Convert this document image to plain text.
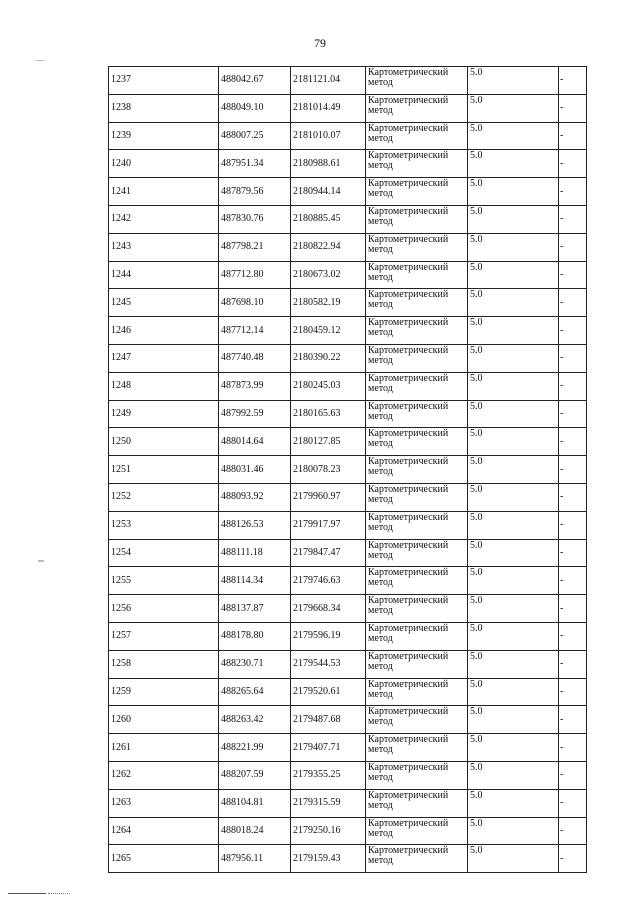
79
1237	488042.67	2181121.04	Картометрический метод	5.0	-
1238	488049.10	2181014.49	Картометрический метод	5.0	-
1239	488007.25	2181010.07	Картометрический метод	5.0	-
1240	487951.34	2180988.61	Картометрический метод	5.0	-
1241	487879.56	2180944.14	Картометрический метод	5.0	-
1242	487830.76	2180885.45	Картометрический метод	5.0	-
1243	487798.21	2180822.94	Картометрический метод	5.0	-
1244	487712.80	2180673.02	Картометрический метод	5.0	-
1245	487698.10	2180582.19	Картометрический метод	5.0	-
1246	487712.14	2180459.12	Картометрический метод	5.0	-
1247	487740.48	2180390.22	Картометрический метод	5.0	-
1248	487873.99	2180245.03	Картометрический метод	5.0	-
1249	487992.59	2180165.63	Картометрический метод	5.0	-
1250	488014.64	2180127.85	Картометрический метод	5.0	-
1251	488031.46	2180078.23	Картометрический метод	5.0	-
1252	488093.92	2179960.97	Картометрический метод	5.0	-
1253	488126.53	2179917.97	Картометрический метод	5.0	-
1254	488111.18	2179847.47	Картометрический метод	5.0	-
1255	488114.34	2179746.63	Картометрический метод	5.0	-
1256	488137.87	2179668.34	Картометрический метод	5.0	-
1257	488178.80	2179596.19	Картометрический метод	5.0	-
1258	488230.71	2179544.53	Картометрический метод	5.0	-
1259	488265.64	2179520.61	Картометрический метод	5.0	-
1260	488263.42	2179487.68	Картометрический метод	5.0	-
1261	488221.99	2179407.71	Картометрический метод	5.0	-
1262	488207.59	2179355.25	Картометрический метод	5.0	-
1263	488104.81	2179315.59	Картометрический метод	5.0	-
1264	488018.24	2179250.16	Картометрический метод	5.0	-
1265	487956.11	2179159.43	Картометрический метод	5.0	-
